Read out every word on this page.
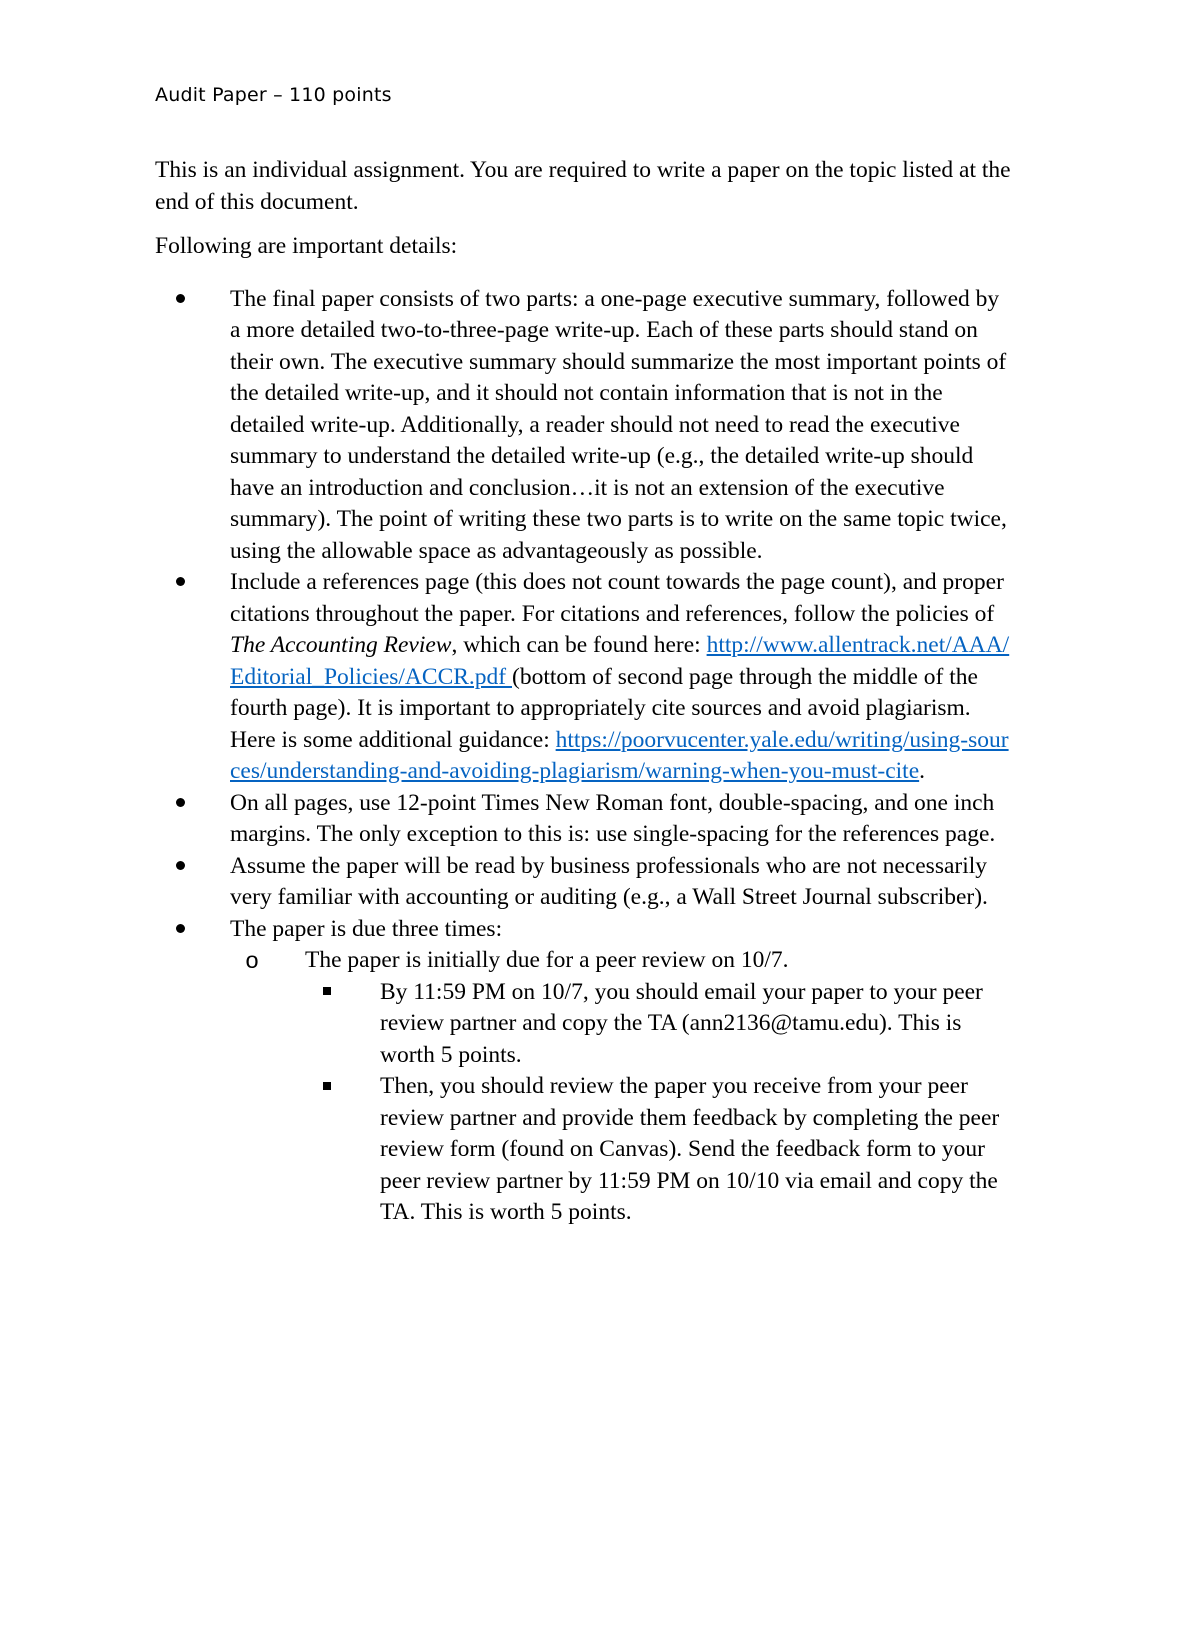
Audit Paper – 110 points

This is an individual assignment. You are required to write a paper on the topic listed at the end of this document.

Following are important details:

The final paper consists of two parts: a one-page executive summary, followed by a more detailed two-to-three-page write-up. Each of these parts should stand on their own. The executive summary should summarize the most important points of the detailed write-up, and it should not contain information that is not in the detailed write-up. Additionally, a reader should not need to read the executive summary to understand the detailed write-up (e.g., the detailed write-up should have an introduction and conclusion…it is not an extension of the executive summary). The point of writing these two parts is to write on the same topic twice, using the allowable space as advantageously as possible.
Include a references page (this does not count towards the page count), and proper citations throughout the paper. For citations and references, follow the policies of The Accounting Review, which can be found here: http://www.allentrack.net/AAA/Editorial_Policies/ACCR.pdf (bottom of second page through the middle of the fourth page). It is important to appropriately cite sources and avoid plagiarism. Here is some additional guidance: https://poorvucenter.yale.edu/writing/using-sources/understanding-and-avoiding-plagiarism/warning-when-you-must-cite.
On all pages, use 12-point Times New Roman font, double-spacing, and one inch margins. The only exception to this is: use single-spacing for the references page.
Assume the paper will be read by business professionals who are not necessarily very familiar with accounting or auditing (e.g., a Wall Street Journal subscriber).
The paper is due three times:
o The paper is initially due for a peer review on 10/7.
By 11:59 PM on 10/7, you should email your paper to your peer review partner and copy the TA (ann2136@tamu.edu). This is worth 5 points.
Then, you should review the paper you receive from your peer review partner and provide them feedback by completing the peer review form (found on Canvas). Send the feedback form to your peer review partner by 11:59 PM on 10/10 via email and copy the TA. This is worth 5 points.
